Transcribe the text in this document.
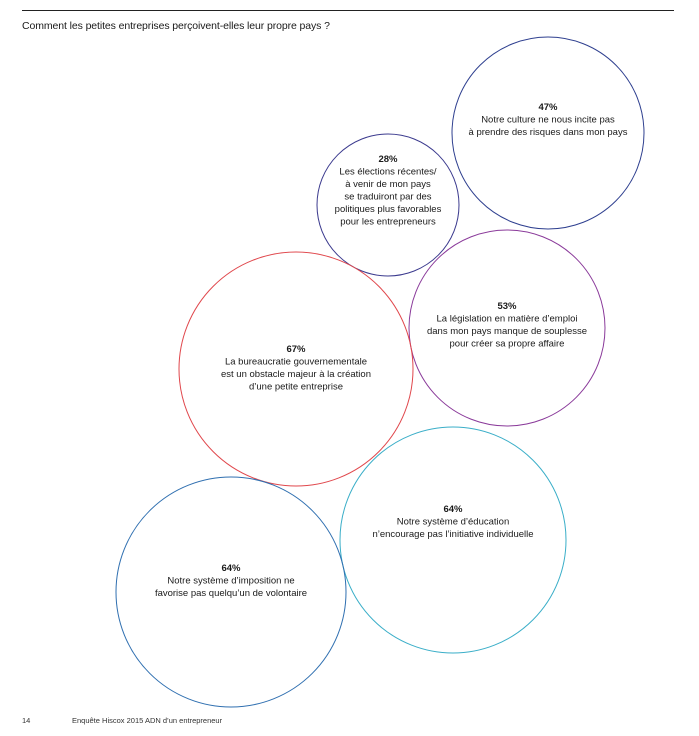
Comment les petites entreprises perçoivent-elles leur propre pays ?
47%
Notre culture ne nous incite pas
à prendre des risques dans mon pays
28%
Les élections récentes/
à venir de mon pays
se traduiront par des
politiques plus favorables
pour les entrepreneurs
53%
La législation en matière d’emploi
dans mon pays manque de souplesse
pour créer sa propre affaire
67%
La bureaucratie gouvernementale
est un obstacle majeur à la création
d’une petite entreprise
64%
Notre système d’éducation
n’encourage pas l’initiative individuelle
64%
Notre système d’imposition ne
favorise pas quelqu’un de volontaire
14	Enquête Hiscox 2015 ADN d’un entrepreneur
